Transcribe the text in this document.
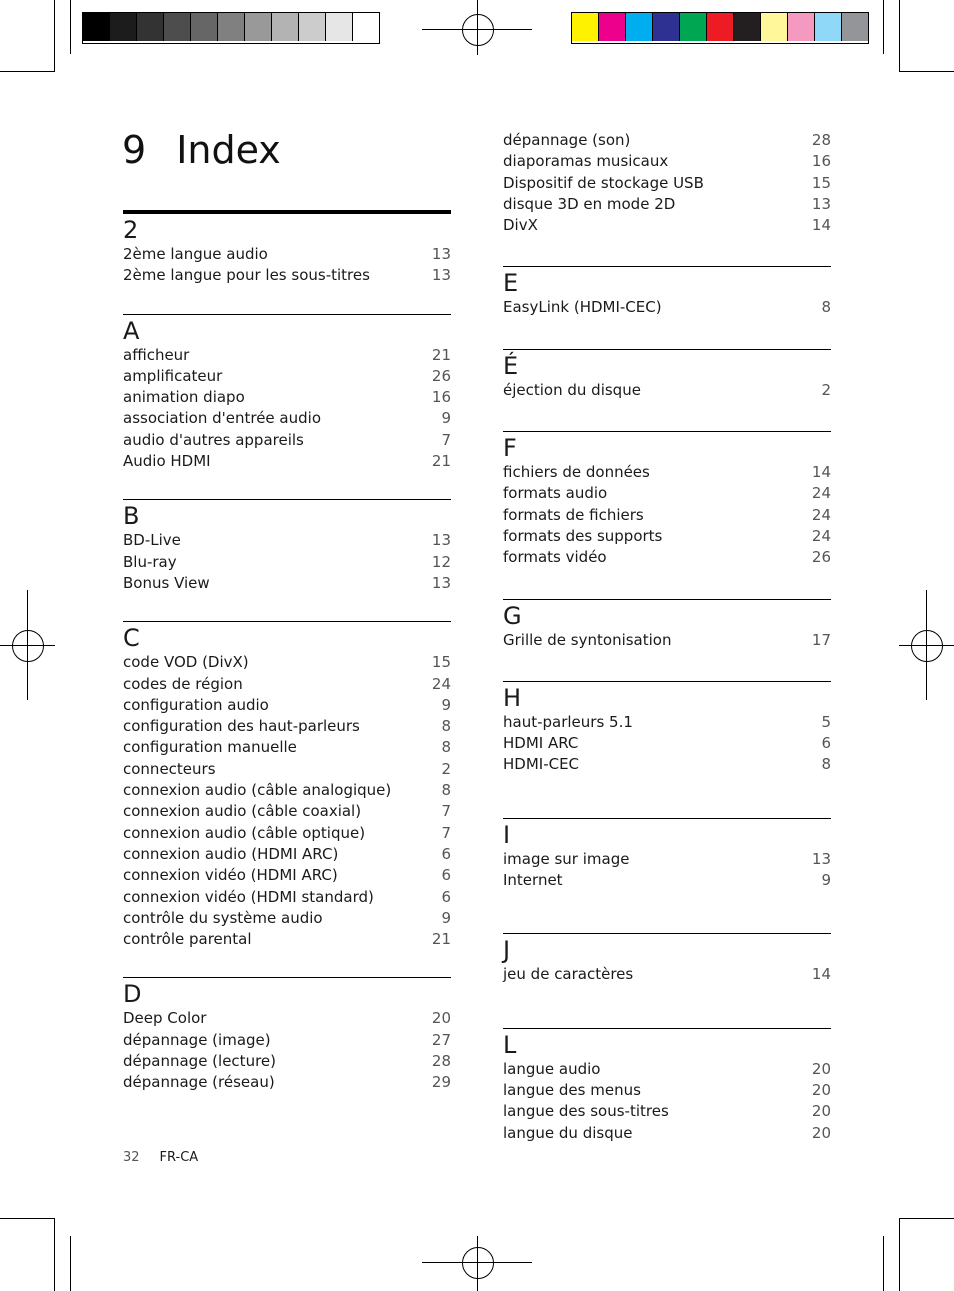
9 Index
2
2ème langue audio	13
2ème langue pour les sous-titres	13
A
afficheur	21
amplificateur	26
animation diapo	16
association d'entrée audio	9
audio d'autres appareils	7
Audio HDMI	21
B
BD-Live	13
Blu-ray	12
Bonus View	13
C
code VOD (DivX)	15
codes de région	24
configuration audio	9
configuration des haut-parleurs	8
configuration manuelle	8
connecteurs	2
connexion audio (câble analogique)	8
connexion audio (câble coaxial)	7
connexion audio (câble optique)	7
connexion audio (HDMI ARC)	6
connexion vidéo (HDMI ARC)	6
connexion vidéo (HDMI standard)	6
contrôle du système audio	9
contrôle parental	21
D
Deep Color	20
dépannage (image)	27
dépannage (lecture)	28
dépannage (réseau)	29
dépannage (son)	28
diaporamas musicaux	16
Dispositif de stockage USB	15
disque 3D en mode 2D	13
DivX	14
E
EasyLink (HDMI-CEC)	8
É
éjection du disque	2
F
fichiers de données	14
formats audio	24
formats de fichiers	24
formats des supports	24
formats vidéo	26
G
Grille de syntonisation	17
H
haut-parleurs 5.1	5
HDMI ARC	6
HDMI-CEC	8
I
image sur image	13
Internet	9
J
jeu de caractères	14
L
langue audio	20
langue des menus	20
langue des sous-titres	20
langue du disque	20
32 FR-CA
